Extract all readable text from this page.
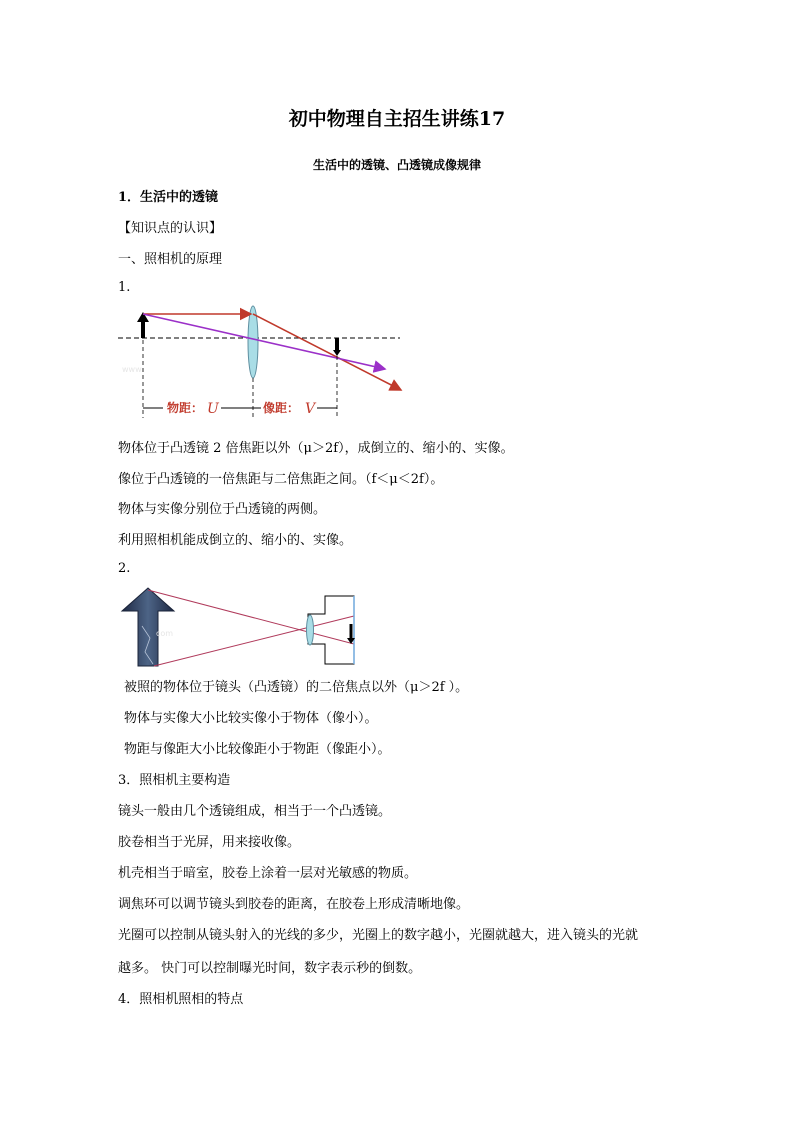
初中物理自主招生讲练17
生活中的透镜、凸透镜成像规律
1．生活中的透镜
【知识点的认识】
一、照相机的原理
1.
www
物距： U	像距： V
物体位于凸透镜 2 倍焦距以外（μ＞2f），成倒立的、缩小的、实像。
像位于凸透镜的一倍焦距与二倍焦距之间。（f＜μ＜2f）。
物体与实像分别位于凸透镜的两侧。
利用照相机能成倒立的、缩小的、实像。
2.
com
被照的物体位于镜头（凸透镜）的二倍焦点以外（μ＞2f ）。
物体与实像大小比较实像小于物体（像小）。
物距与像距大小比较像距小于物距（像距小）。
3．照相机主要构造
镜头一般由几个透镜组成，相当于一个凸透镜。
胶卷相当于光屏，用来接收像。
机壳相当于暗室，胶卷上涂着一层对光敏感的物质。
调焦环可以调节镜头到胶卷的距离，在胶卷上形成清晰地像。
光圈可以控制从镜头射入的光线的多少，光圈上的数字越小，光圈就越大，进入镜头的光就
越多。 快门可以控制曝光时间，数字表示秒的倒数。
4．照相机照相的特点
